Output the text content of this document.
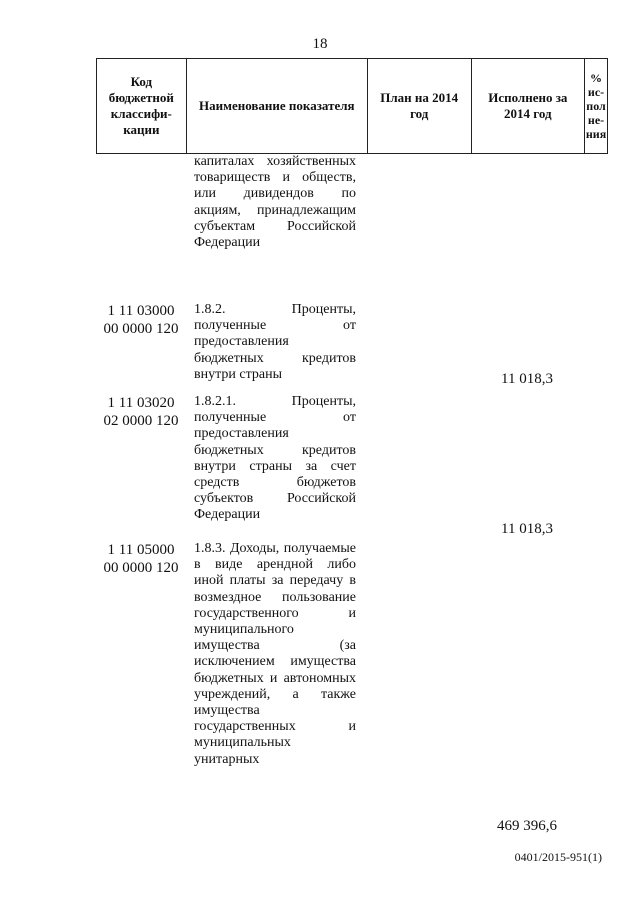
18
Код
бюджетной
классифи-
кации
Наименование показателя
План на 2014
год
Исполнено за
2014 год
%
ис-
пол
не-
ния
капиталах хозяйственных товариществ и обществ, или дивидендов по акциям, принадлежащим субъектам Российской Федерации
1 11 03000
00 0000 120
1.8.2. Проценты, полученные от предоставления бюджетных кредитов внутри страны	11 018,3
1 11 03020
02 0000 120
1.8.2.1. Проценты, полученные от предоставления бюджетных кредитов внутри страны за счет средств бюджетов субъектов Российской Федерации
11 018,3
1 11 05000
00 0000 120
1.8.3. Доходы, получаемые в виде арендной либо иной платы за передачу в возмездное пользование государственного и муниципального имущества (за исключением имущества бюджетных и автономных учреждений, а также имущества государственных и муниципальных унитарных
469 396,6
0401/2015-951(1)
